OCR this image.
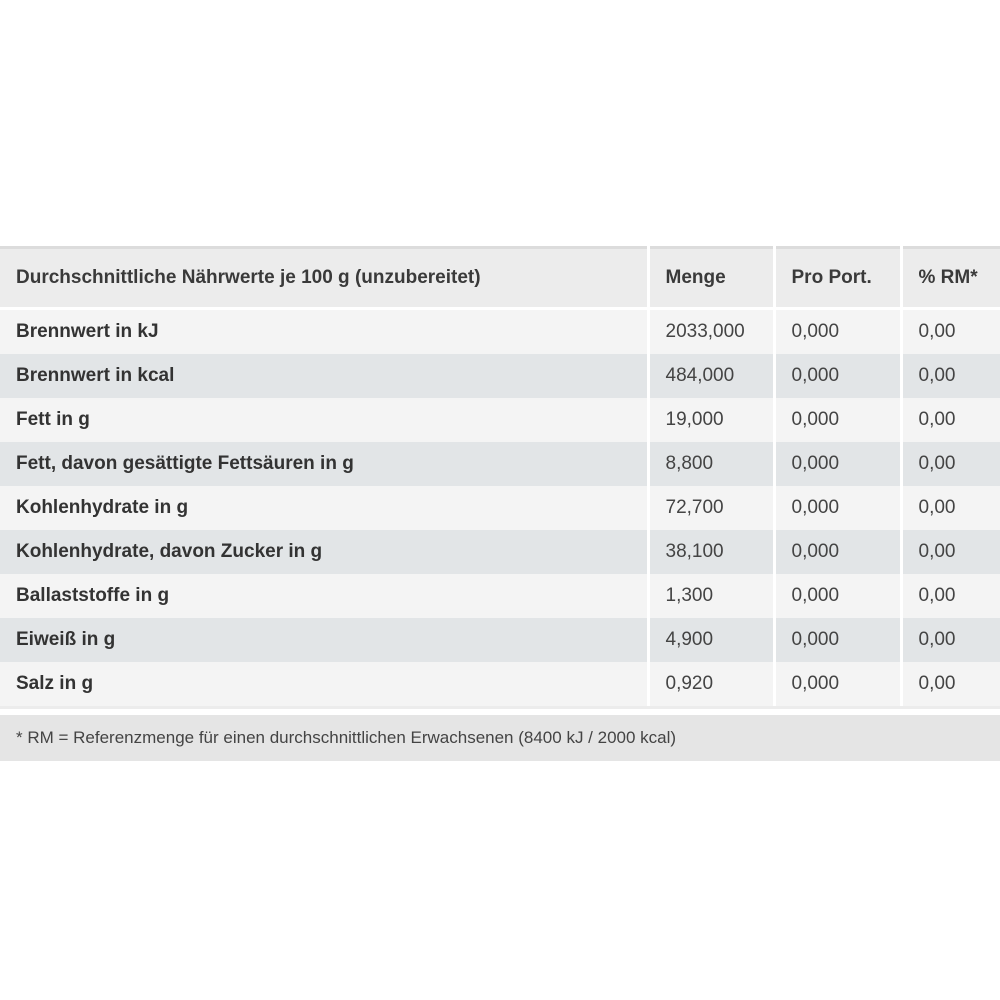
Durchschnittliche Nährwerte je 100 g (unzubereitet)	Menge	Pro Port.	% RM*
Brennwert in kJ	2033,000	0,000	0,00
Brennwert in kcal	484,000	0,000	0,00
Fett in g	19,000	0,000	0,00
Fett, davon gesättigte Fettsäuren in g	8,800	0,000	0,00
Kohlenhydrate in g	72,700	0,000	0,00
Kohlenhydrate, davon Zucker in g	38,100	0,000	0,00
Ballaststoffe in g	1,300	0,000	0,00
Eiweiß in g	4,900	0,000	0,00
Salz in g	0,920	0,000	0,00
* RM = Referenzmenge für einen durchschnittlichen Erwachsenen (8400 kJ / 2000 kcal)
